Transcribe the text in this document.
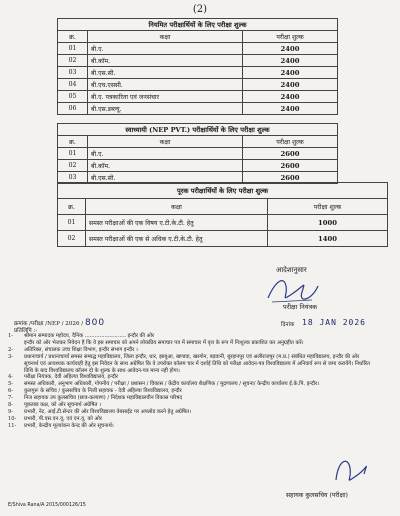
(2)
नियमित परीक्षार्थियों के लिए परीक्षा शुल्क		
क्र.	कक्षा	परीक्षा शुल्क
01	बी.ए.	2400
02	बी.कॉम.	2400
03	बी.एस.सी.	2400
04	बी.एच.एससी.	2400
05	बी.ए. पत्रकारिता एवं जनसंचार	2400
06	बी.एस.डब्ल्यू.	2400
स्वाध्यायी (NEP PVT.) परीक्षार्थियों के लिए परीक्षा शुल्क		
क्र.	कक्षा	परीक्षा शुल्क
01	बी.ए.	2600
02	बी.कॉम.	2600
03	बी.एस.सी.	2600
पूरक परीक्षार्थियों के लिए परीक्षा शुल्क		
क्र.	कक्षा	परीक्षा शुल्क
01	समस्त परीक्षाओं की एक विषय ए.टी.के.टी. हेतु	1000
02	समस्त परीक्षाओं की एक से अधिक ए.टी.के.टी. हेतु	1400
आदेशानुसार
परीक्षा नियंत्रक
क्रमांक /परीक्षा /NEP / 2026 / 800
प्रतिलिपि :-
दिनांक 18 JAN 2026
1-	श्रीमान सम्पादक महोदय, दैनिक ......................... इन्दौर की ओर
इन्दौर को ओर भेजकर निवेदन है कि वे इस समाचार को अपने लोकप्रिय समाचार पत्र में समाचार में वृत्त के रूप में निःशुल्क प्रकाशित कर अनुग्रहीत करें।
2-	अतिरिक्त, संचालक उच्च शिक्षा विभाग, इन्दौर संभाग इन्दौर ।
3-	प्रधानाचार्य / प्रधानाचार्या समस्त सम्बद्ध महाविद्यालय, जिला इन्दौर, धार, झाबुआ, खण्डवा, खरगोन, बड़वानी, बुरहानपुर एवं अलीराजपुर (म.प्र.) संबंधित महाविद्यालय, इन्दौर की ओर सूचनार्थ एवं आवश्यक कार्यवाही हेतु इस निवेदन के साथ अग्रेषित कि वे उपरोक्त कॉलम चार में दर्शाई तिथि को परीक्षा आवेदन-पत्र विश्वविद्यालय में अनिवार्य रूप से जमा करायेंगे। निर्धारित तिथि के बाद विश्वविद्यालय कॉलम दो के शुल्क के साथ आवेदन-पत्र मान्य नहीं होगा।
4-	परीक्षा नियंत्रक, देवी अहिल्या विश्वविद्यालय, इन्दौर
5-	समस्त अधिकारी, अनुभाग अधिकारी, गोपनीय / परीक्षा / प्रशासन / विकास / केंद्रीय कार्यालय शैक्षणिक / मुद्रणालय / सूचना/ केन्द्रीय कार्यालय ई.के.पि. इन्दौर।
6-	कुलगुरू के सचिव / कुलसचिव के निजी सहायक - देवी अहिल्या विश्वविद्यालय, इन्दौर
7-	निज सहायक उप कुलसचिव (छात्र-कल्याण) / निदेशक महाविद्यालयीन विकास परिषद
8-	पूछताछ कक्ष, को ओर सूचनार्थ अग्रेषित ।
9-	प्रभारी, नेट, आई.टी.सेन्टर की ओर विश्वविद्यालय वेबसाईट पर अपलोड करने हेतु अग्रेषित।
10-	प्रभारी, पी.एस.एन.यू. एवं एन.यू. को ओर
11-	प्रभारी, केन्द्रीय मूल्यांकन केन्द्र की ओर सूचनार्थ।
सहायक कुलसचिव (परीक्षा)
E/Shiva Rana/A 2015/000126/15
